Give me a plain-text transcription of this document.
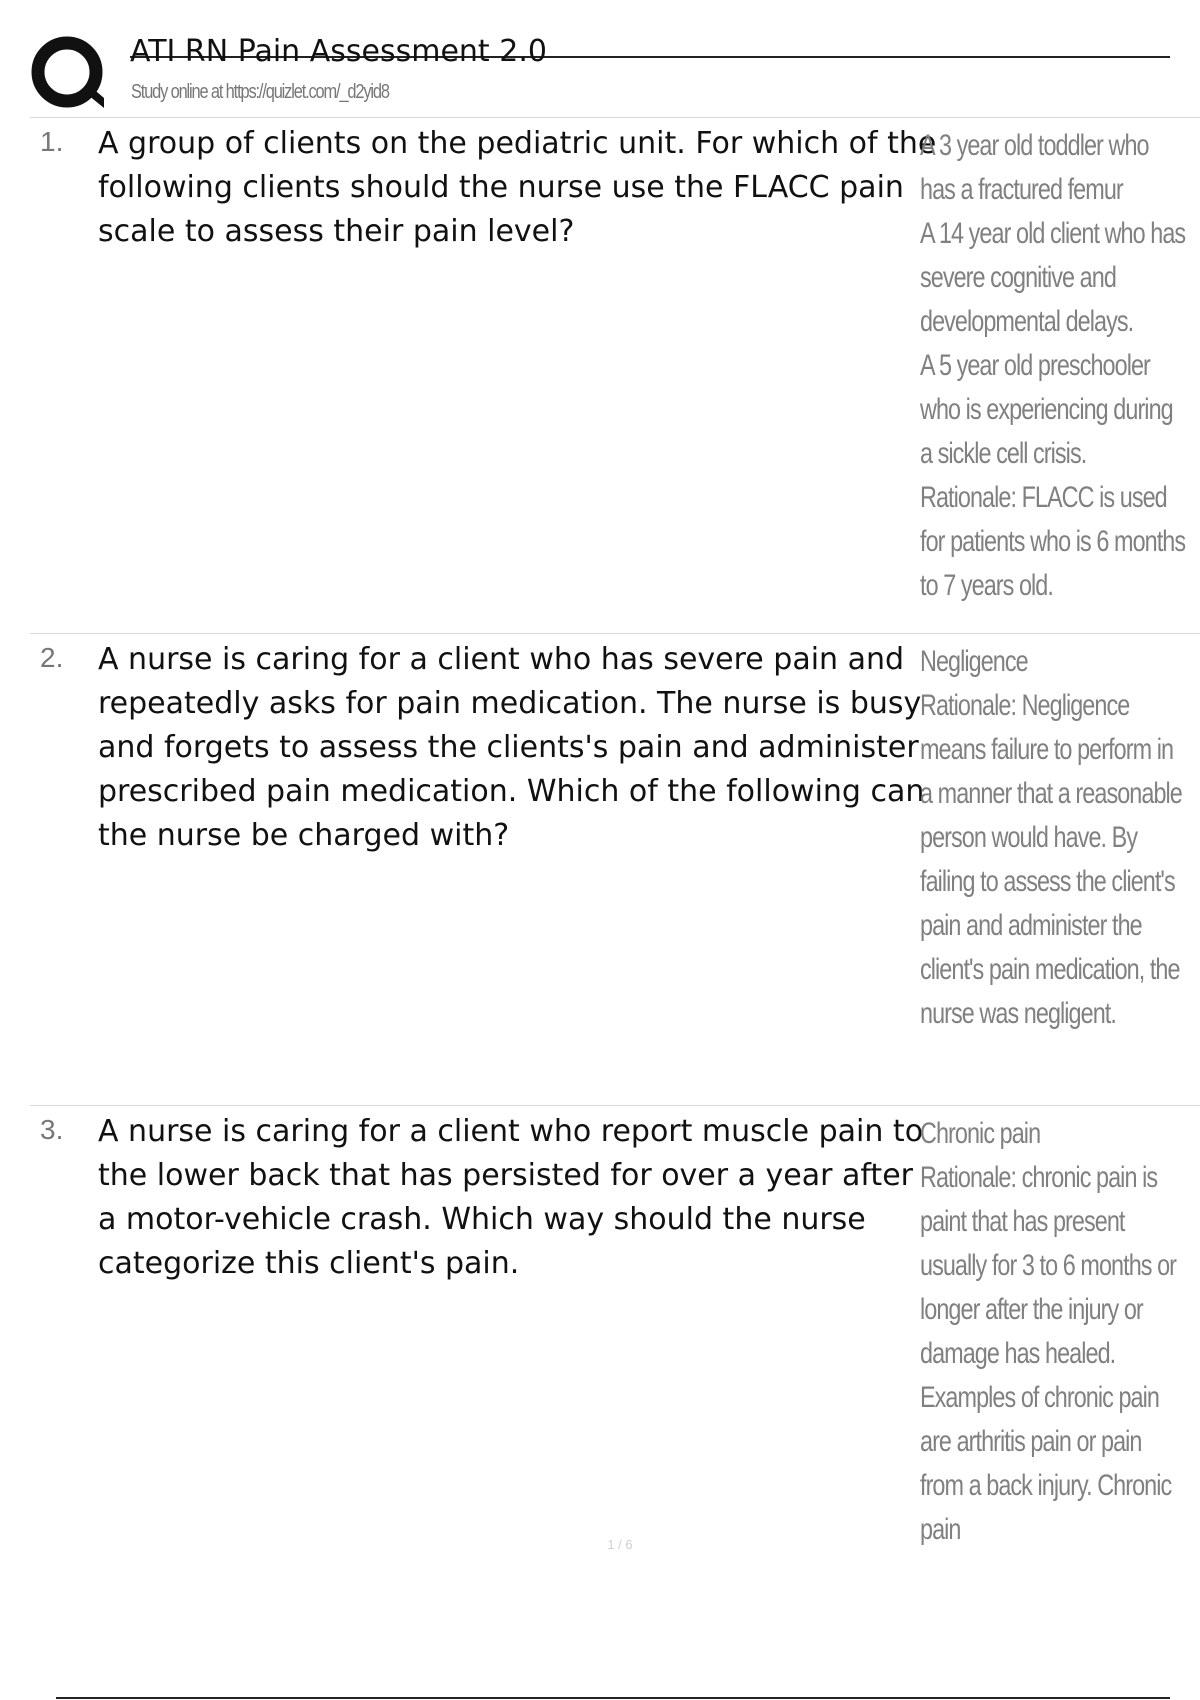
ATI RN Pain Assessment 2.0
Study online at https://quizlet.com/_d2yid8
1. A group of clients on the pediatric unit. For which of the following clients should the nurse use the FLACC pain scale to assess their pain level?

A 3 year old toddler who has a fractured femur

A 14 year old client who has severe cognitive and developmental delays.

A 5 year old preschooler who is experiencing during a sickle cell crisis.

Rationale: FLACC is used for patients who is 6 months to 7 years old.

2. A nurse is caring for a client who has severe pain and repeatedly asks for pain medication. The nurse is busy and forgets to assess the clients's pain and administer prescribed pain medication. Which of the following can the nurse be charged with?

Negligence

Rationale: Negligence means failure to perform in a manner that a reasonable person would have. By failing to assess the client's pain and administer the client's pain medication, the nurse was negligent.

3. A nurse is caring for a client who report muscle pain to the lower back that has persisted for over a year after a motor-vehicle crash. Which way should the nurse categorize this client's pain.

Chronic pain

Rationale: chronic pain is paint that has present usually for 3 to 6 months or longer after the injury or damage has healed. Examples of chronic pain are arthritis pain or pain from a back injury. Chronic pain

1 / 6
